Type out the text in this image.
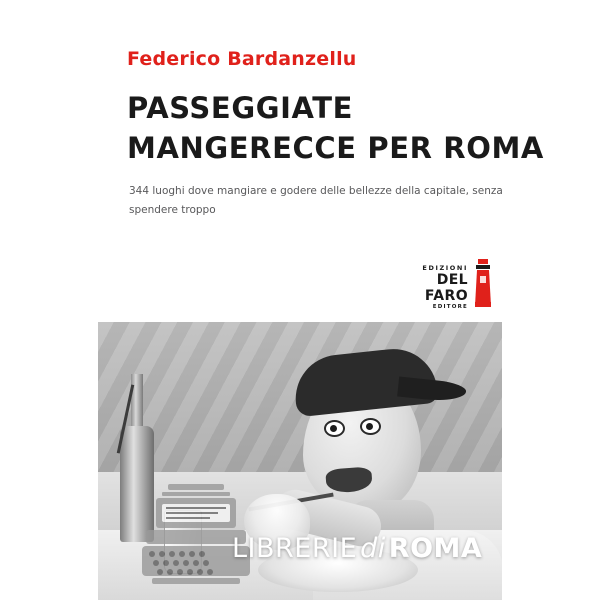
Federico Bardanzellu
PASSEGGIATE MANGERECCE PER ROMA
344 luoghi dove mangiare e godere delle bellezze della capitale, senza spendere troppo
EDIZIONI
DEL FARO
EDITORE
LIBRERIE di ROMA
